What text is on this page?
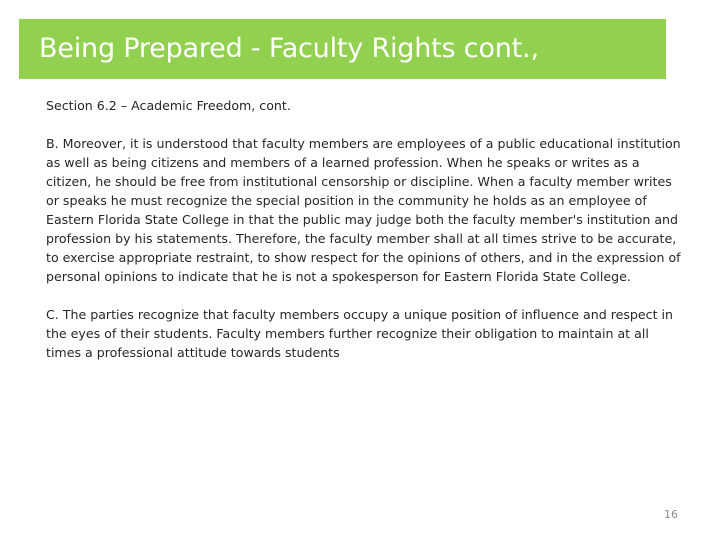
Being Prepared - Faculty Rights cont.,

Section 6.2 – Academic Freedom, cont.

B. Moreover, it is understood that faculty members are employees of a public educational institution as well as being citizens and members of a learned profession. When he speaks or writes as a citizen, he should be free from institutional censorship or discipline. When a faculty member writes or speaks he must recognize the special position in the community he holds as an employee of Eastern Florida State College in that the public may judge both the faculty member's institution and profession by his statements. Therefore, the faculty member shall at all times strive to be accurate, to exercise appropriate restraint, to show respect for the opinions of others, and in the expression of personal opinions to indicate that he is not a spokesperson for Eastern Florida State College.

C. The parties recognize that faculty members occupy a unique position of influence and respect in the eyes of their students. Faculty members further recognize their obligation to maintain at all times a professional attitude towards students

16
